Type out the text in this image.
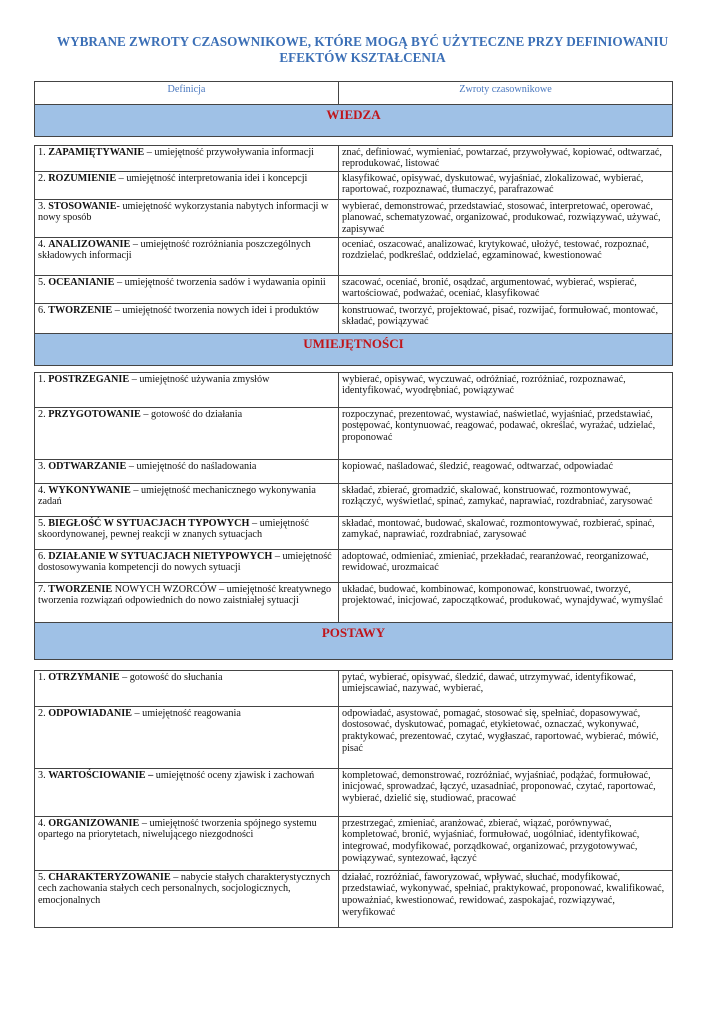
WYBRANE ZWROTY CZASOWNIKOWE, KTÓRE MOGĄ BYĆ UŻYTECZNE PRZY DEFINIOWANIU
EFEKTÓW KSZTAŁCENIA
Definicja	Zwroty czasownikowe
WIEDZA	

1. ZAPAMIĘTYWANIE – umiejętność przywoływania informacji	znać, definiować, wymieniać, powtarzać, przywoływać, kopiować, odtwarzać, reprodukować, listować
2. ROZUMIENIE – umiejętność interpretowania idei i koncepcji	klasyfikować, opisywać, dyskutować, wyjaśniać, zlokalizować, wybierać, raportować, rozpoznawać, tłumaczyć, parafrazować
3. STOSOWANIE- umiejętność wykorzystania nabytych informacji w nowy sposób	wybierać, demonstrować, przedstawiać, stosować, interpretować, operować, planować, schematyzować, organizować, produkować, rozwiązywać, używać, zapisywać
4. ANALIZOWANIE – umiejętność rozróżniania poszczególnych składowych informacji	oceniać, oszacować, analizować, krytykować, ułożyć, testować, rozpoznać, rozdzielać, podkreślać, oddzielać, egzaminować, kwestionować
5. OCEANIANIE – umiejętność tworzenia sadów i wydawania opinii	szacować, oceniać, bronić, osądzać, argumentować, wybierać, wspierać, wartościować, podważać, oceniać, klasyfikować
6. TWORZENIE – umiejętność tworzenia nowych idei i produktów	konstruować, tworzyć, projektować, pisać, rozwijać, formułować, montować, składać, powiązywać
UMIEJĘTNOŚCI	

1. POSTRZEGANIE – umiejętność używania zmysłów	wybierać, opisywać, wyczuwać, odróżniać, rozróżniać, rozpoznawać, identyfikować, wyodrębniać, powiązywać
2. PRZYGOTOWANIE – gotowość do działania	rozpoczynać, prezentować, wystawiać, naświetlać, wyjaśniać, przedstawiać, postępować, kontynuować, reagować, podawać, określać, wyrażać, udzielać, proponować
3. ODTWARZANIE – umiejętność do naśladowania	kopiować, naśladować, śledzić, reagować, odtwarzać, odpowiadać
4. WYKONYWANIE – umiejętność mechanicznego wykonywania zadań	składać, zbierać, gromadzić, skalować, konstruować, rozmontowywać, rozłączyć, wyświetlać, spinać, zamykać, naprawiać, rozdrabniać, zarysować
5. BIEGŁOŚĆ W SYTUACJACH TYPOWYCH – umiejętność skoordynowanej, pewnej reakcji w znanych sytuacjach	składać, montować, budować, skalować, rozmontowywać, rozbierać, spinać, zamykać, naprawiać, rozdrabniać, zarysować
6. DZIAŁANIE W SYTUACJACH NIETYPOWYCH – umiejętność dostosowywania kompetencji do nowych sytuacji	adoptować, odmieniać, zmieniać, przekładać, rearanżować, reorganizować, rewidować, urozmaicać
7. TWORZENIE NOWYCH WZORCÓW – umiejętność kreatywnego tworzenia rozwiązań odpowiednich do nowo zaistniałej sytuacji	układać, budować, kombinować, komponować, konstruować, tworzyć, projektować, inicjować, zapoczątkować, produkować, wynajdywać, wymyślać
POSTAWY	

1. OTRZYMANIE – gotowość do słuchania	pytać, wybierać, opisywać, śledzić, dawać, utrzymywać, identyfikować, umiejscawiać, nazywać, wybierać,
2. ODPOWIADANIE – umiejętność reagowania	odpowiadać, asystować, pomagać, stosować się, spełniać, dopasowywać, dostosować, dyskutować, pomagać, etykietować, oznaczać, wykonywać, praktykować, prezentować, czytać, wygłaszać, raportować, wybierać, mówić, pisać
3. WARTOŚCIOWANIE – umiejętność oceny zjawisk i zachowań	kompletować, demonstrować, rozróżniać, wyjaśniać, podążać, formułować, inicjować, sprowadzać, łączyć, uzasadniać, proponować, czytać, raportować, wybierać, dzielić się, studiować, pracować
4. ORGANIZOWANIE – umiejętność tworzenia spójnego systemu opartego na priorytetach, niwelującego niezgodności	przestrzegać, zmieniać, aranżować, zbierać, wiązać, porównywać, kompletować, bronić, wyjaśniać, formułować, uogólniać, identyfikować, integrować, modyfikować, porządkować, organizować, przygotowywać, powiązywać, syntezować, łączyć
5. CHARAKTERYZOWANIE – nabycie stałych charakterystycznych cech zachowania stałych cech personalnych, socjologicznych, emocjonalnych	działać, rozróżniać, faworyzować, wpływać, słuchać, modyfikować, przedstawiać, wykonywać, spełniać, praktykować, proponować, kwalifikować, upoważniać, kwestionować, rewidować, zaspokajać, rozwiązywać, weryfikować
